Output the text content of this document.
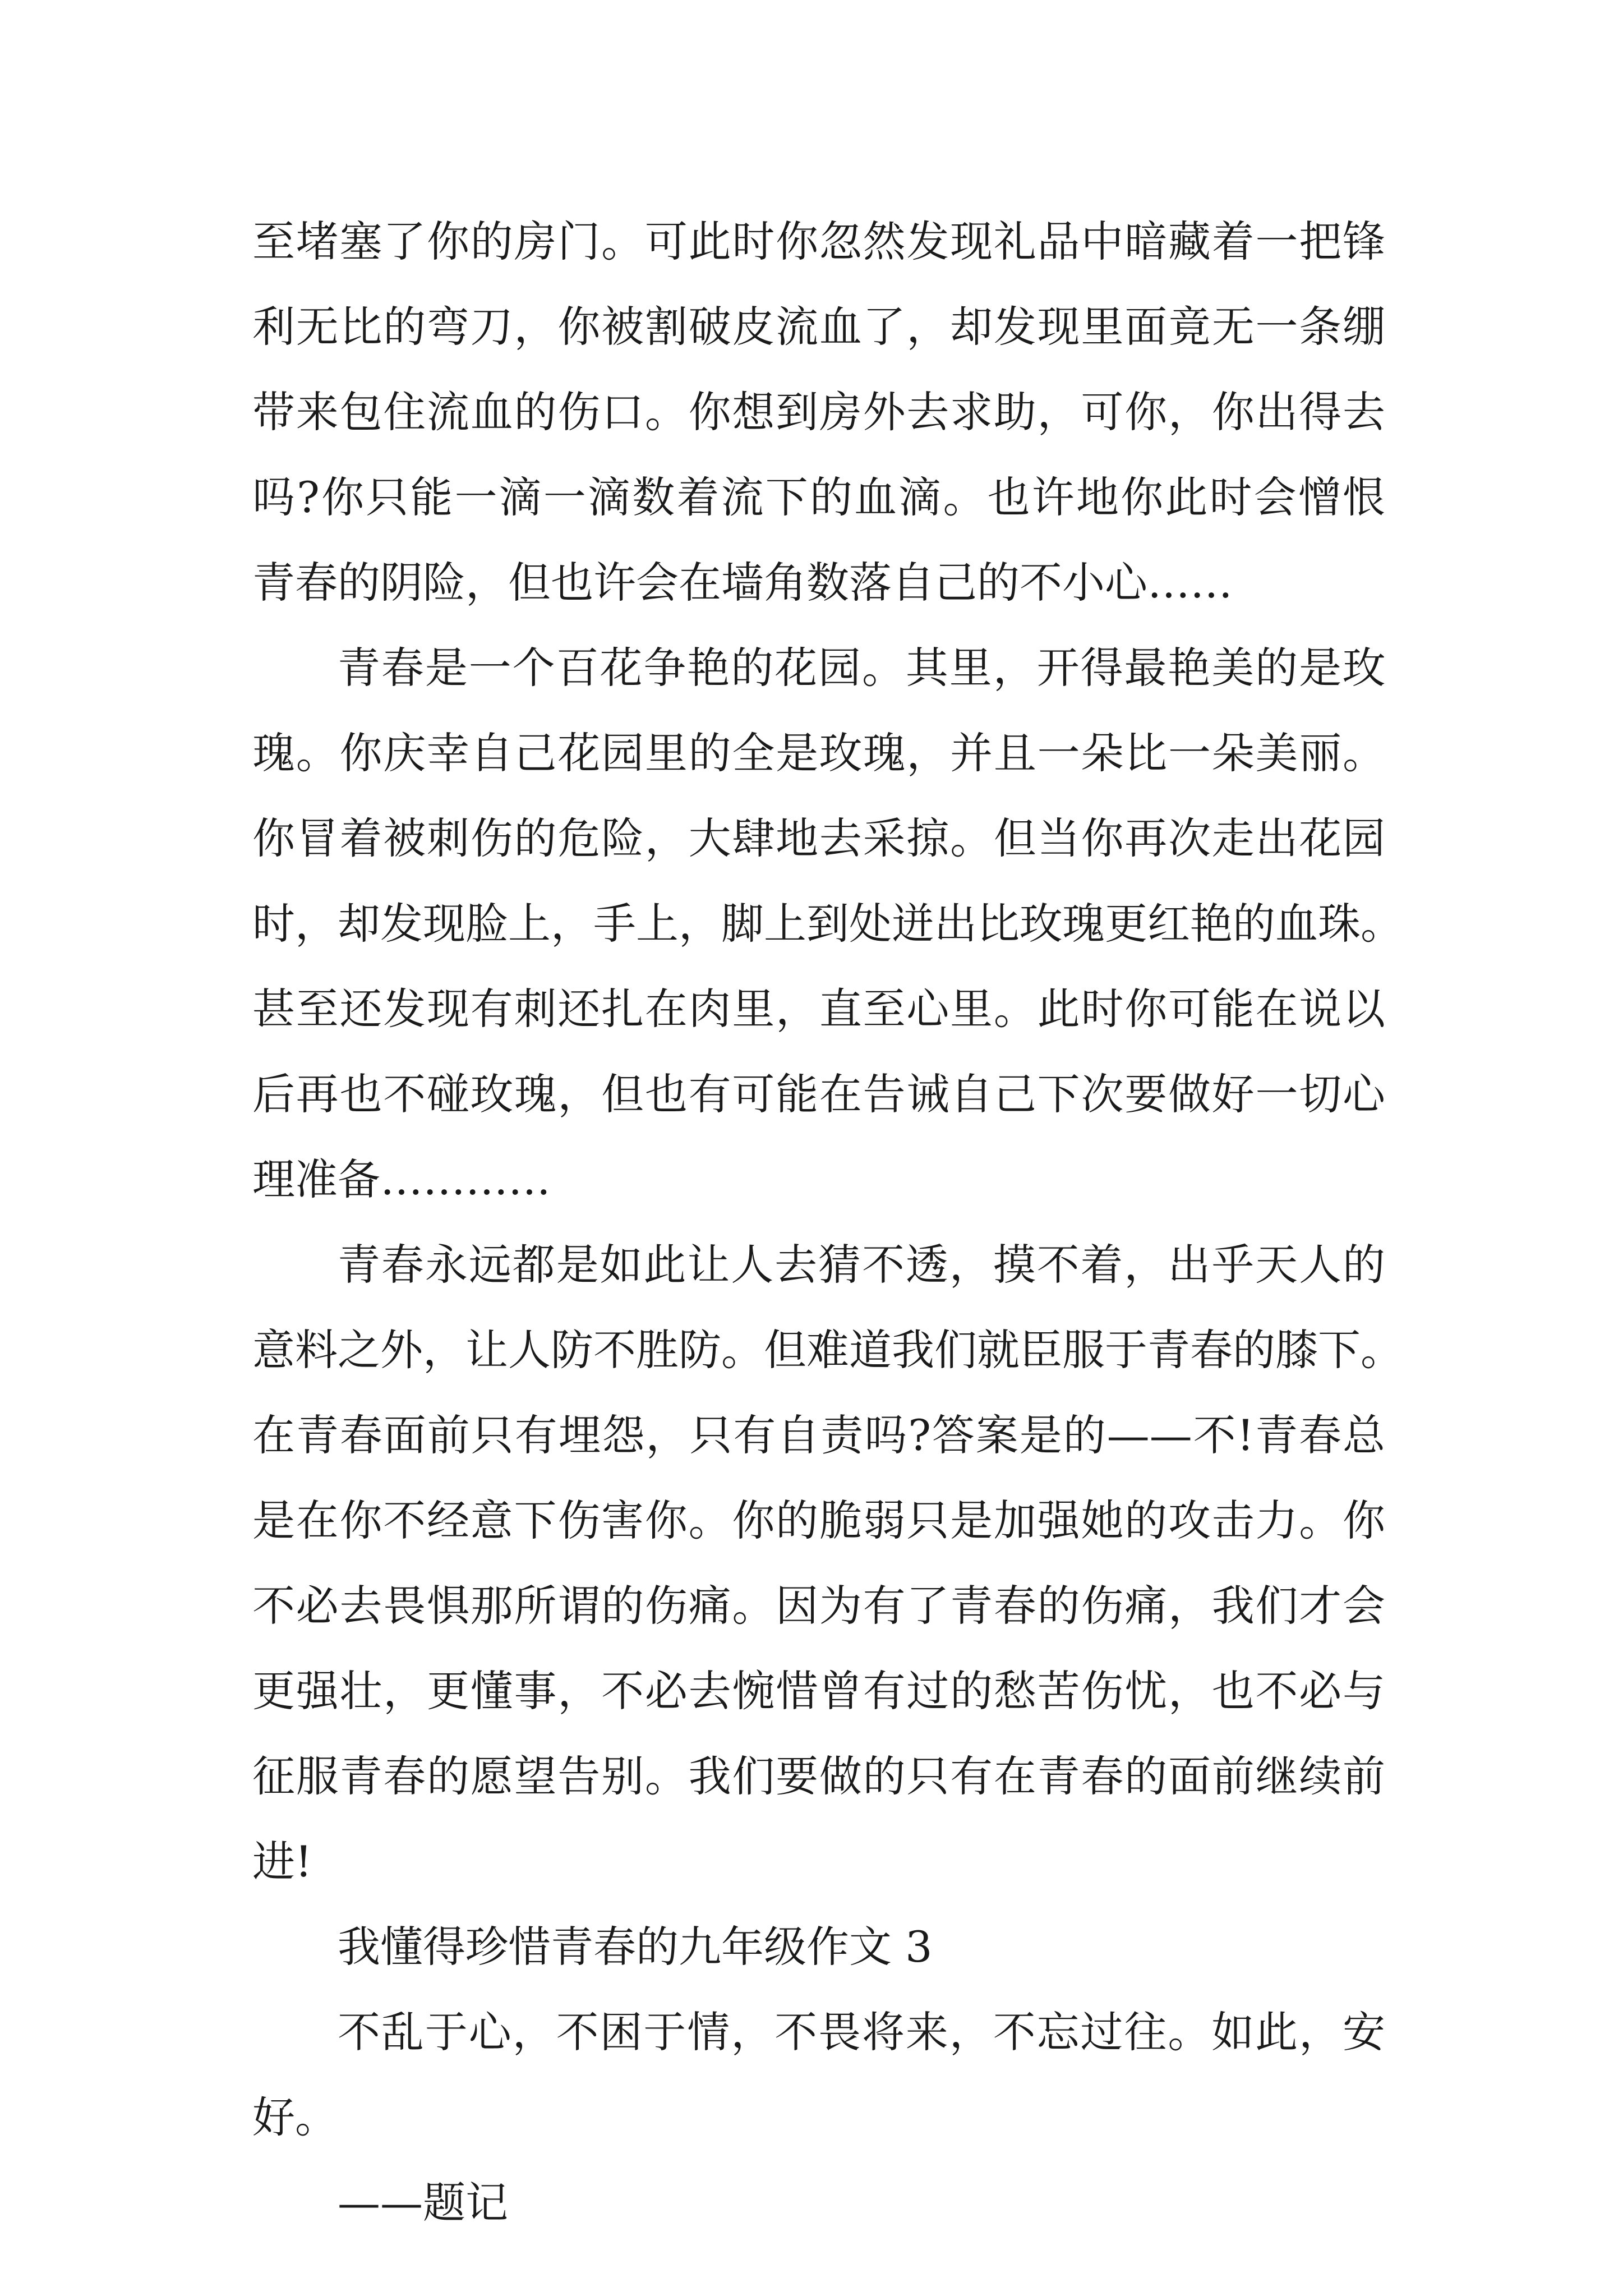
至堵塞了你的房门。可此时你忽然发现礼品中暗藏着一把锋
利无比的弯刀，你被割破皮流血了，却发现里面竟无一条绷
带来包住流血的伤口。你想到房外去求助，可你，你出得去
吗?你只能一滴一滴数着流下的血滴。也许地你此时会憎恨
青春的阴险，但也许会在墙角数落自己的不小心……
青春是一个百花争艳的花园。其里，开得最艳美的是玫
瑰。你庆幸自己花园里的全是玫瑰，并且一朵比一朵美丽。
你冒着被刺伤的危险，大肆地去采掠。但当你再次走出花园
时，却发现脸上，手上，脚上到处迸出比玫瑰更红艳的血珠。
甚至还发现有刺还扎在肉里，直至心里。此时你可能在说以
后再也不碰玫瑰，但也有可能在告诫自己下次要做好一切心
理准备…………
青春永远都是如此让人去猜不透，摸不着，出乎天人的
意料之外，让人防不胜防。但难道我们就臣服于青春的膝下。
在青春面前只有埋怨，只有自责吗?答案是的——不!青春总
是在你不经意下伤害你。你的脆弱只是加强她的攻击力。你
不必去畏惧那所谓的伤痛。因为有了青春的伤痛，我们才会
更强壮，更懂事，不必去惋惜曾有过的愁苦伤忧，也不必与
征服青春的愿望告别。我们要做的只有在青春的面前继续前
进!
我懂得珍惜青春的九年级作文 3
不乱于心，不困于情，不畏将来，不忘过往。如此，安
好。
——题记
